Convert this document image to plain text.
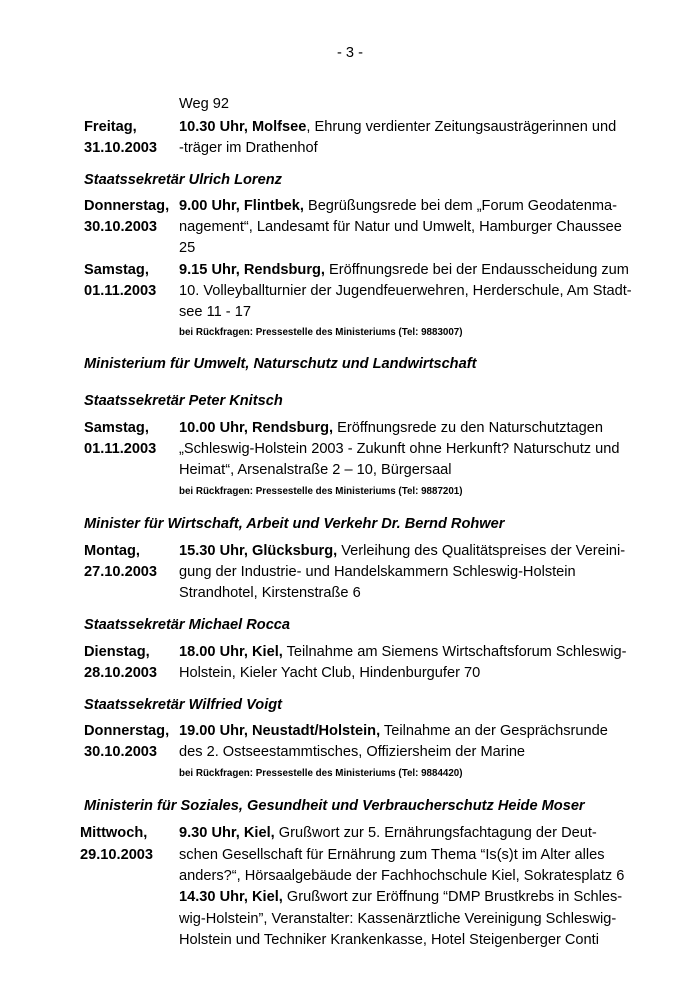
- 3 -
Weg 92
Freitag,
31.10.2003
10.30 Uhr, Molfsee, Ehrung verdienter Zeitungsausträgerinnen und
-träger im Drathenhof
Staatssekretär Ulrich Lorenz
Donnerstag,
30.10.2003
9.00 Uhr, Flintbek, Begrüßungsrede bei dem „Forum Geodatenma-
nagement“, Landesamt für Natur und Umwelt, Hamburger Chaussee
25
Samstag,
01.11.2003
9.15 Uhr, Rendsburg, Eröffnungsrede bei der Endausscheidung zum
10. Volleyballturnier der Jugendfeuerwehren, Herderschule, Am Stadt-
see 11 - 17
bei Rückfragen: Pressestelle des Ministeriums (Tel: 9883007)
Ministerium für Umwelt, Naturschutz und Landwirtschaft
Staatssekretär Peter Knitsch
Samstag,
01.11.2003
10.00 Uhr, Rendsburg, Eröffnungsrede zu den Naturschutztagen
„Schleswig-Holstein 2003 - Zukunft ohne Herkunft? Naturschutz und
Heimat“, Arsenalstraße 2 – 10, Bürgersaal
bei Rückfragen: Pressestelle des Ministeriums (Tel: 9887201)
Minister für Wirtschaft, Arbeit und Verkehr Dr. Bernd Rohwer
Montag,
27.10.2003
15.30 Uhr, Glücksburg, Verleihung des Qualitätspreises der Vereini-
gung der Industrie- und Handelskammern Schleswig-Holstein
Strandhotel, Kirstenstraße 6
Staatssekretär Michael Rocca
Dienstag,
28.10.2003
18.00 Uhr, Kiel, Teilnahme am Siemens Wirtschaftsforum Schleswig-
Holstein, Kieler Yacht Club, Hindenburgufer 70
Staatssekretär Wilfried Voigt
Donnerstag,
30.10.2003
19.00 Uhr, Neustadt/Holstein, Teilnahme an der Gesprächsrunde
des 2. Ostseestammtisches, Offiziersheim der Marine
bei Rückfragen: Pressestelle des Ministeriums (Tel: 9884420)
Ministerin für Soziales, Gesundheit und Verbraucherschutz Heide Moser
Mittwoch,
29.10.2003
9.30 Uhr, Kiel, Grußwort zur 5. Ernährungsfachtagung der Deut-
schen Gesellschaft für Ernährung zum Thema “Is(s)t im Alter alles
anders?“, Hörsaalgebäude der Fachhochschule Kiel, Sokratesplatz 6
14.30 Uhr, Kiel, Grußwort zur Eröffnung “DMP Brustkrebs in Schles-
wig-Holstein”, Veranstalter: Kassenärztliche Vereinigung Schleswig-
Holstein und Techniker Krankenkasse, Hotel Steigenberger Conti
